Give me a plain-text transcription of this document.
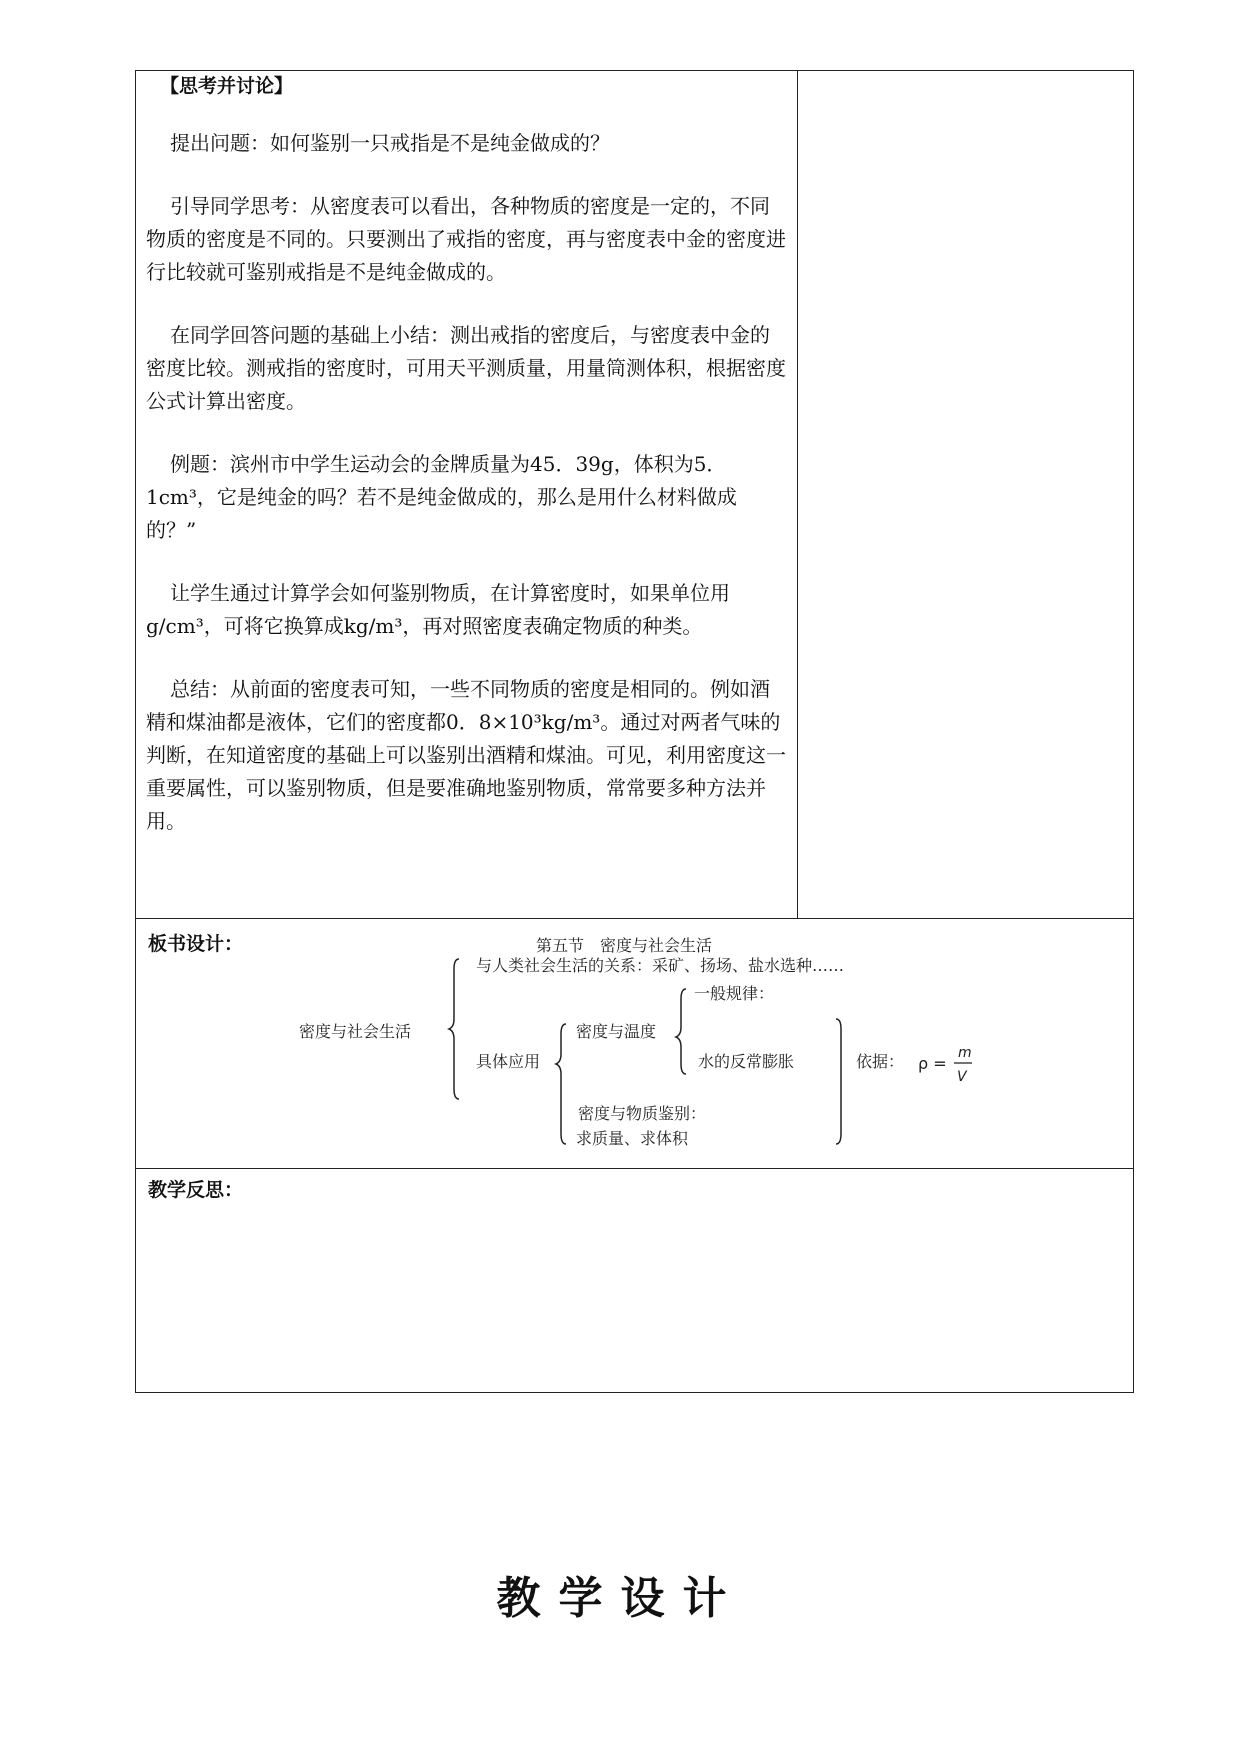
【思考并讨论】

提出问题：如何鉴别一只戒指是不是纯金做成的？

引导同学思考：从密度表可以看出，各种物质的密度是一定的，不同物质的密度是不同的。只要测出了戒指的密度，再与密度表中金的密度进行比较就可鉴别戒指是不是纯金做成的。

在同学回答问题的基础上小结：测出戒指的密度后，与密度表中金的密度比较。测戒指的密度时，可用天平测质量，用量筒测体积，根据密度公式计算出密度。

例题：滨州市中学生运动会的金牌质量为45．39g，体积为5．1cm³，它是纯金的吗？若不是纯金做成的，那么是用什么材料做成的？”

让学生通过计算学会如何鉴别物质，在计算密度时，如果单位用g/cm³，可将它换算成kg/m³，再对照密度表确定物质的种类。

总结：从前面的密度表可知，一些不同物质的密度是相同的。例如酒精和煤油都是液体，它们的密度都0．8×10³kg/m³。通过对两者气味的判断，在知道密度的基础上可以鉴别出酒精和煤油。可见，利用密度这一重要属性，可以鉴别物质，但是要准确地鉴别物质，常常要多种方法并用。

板书设计：	第五节　密度与社会生活
密度与社会生活
与人类社会生活的关系：采矿、扬场、盐水选种……
具体应用
密度与温度
一般规律：
水的反常膨胀	依据： ρ =
m
V
密度与物质鉴别：
求质量、求体积
教学反思：
教学设计
